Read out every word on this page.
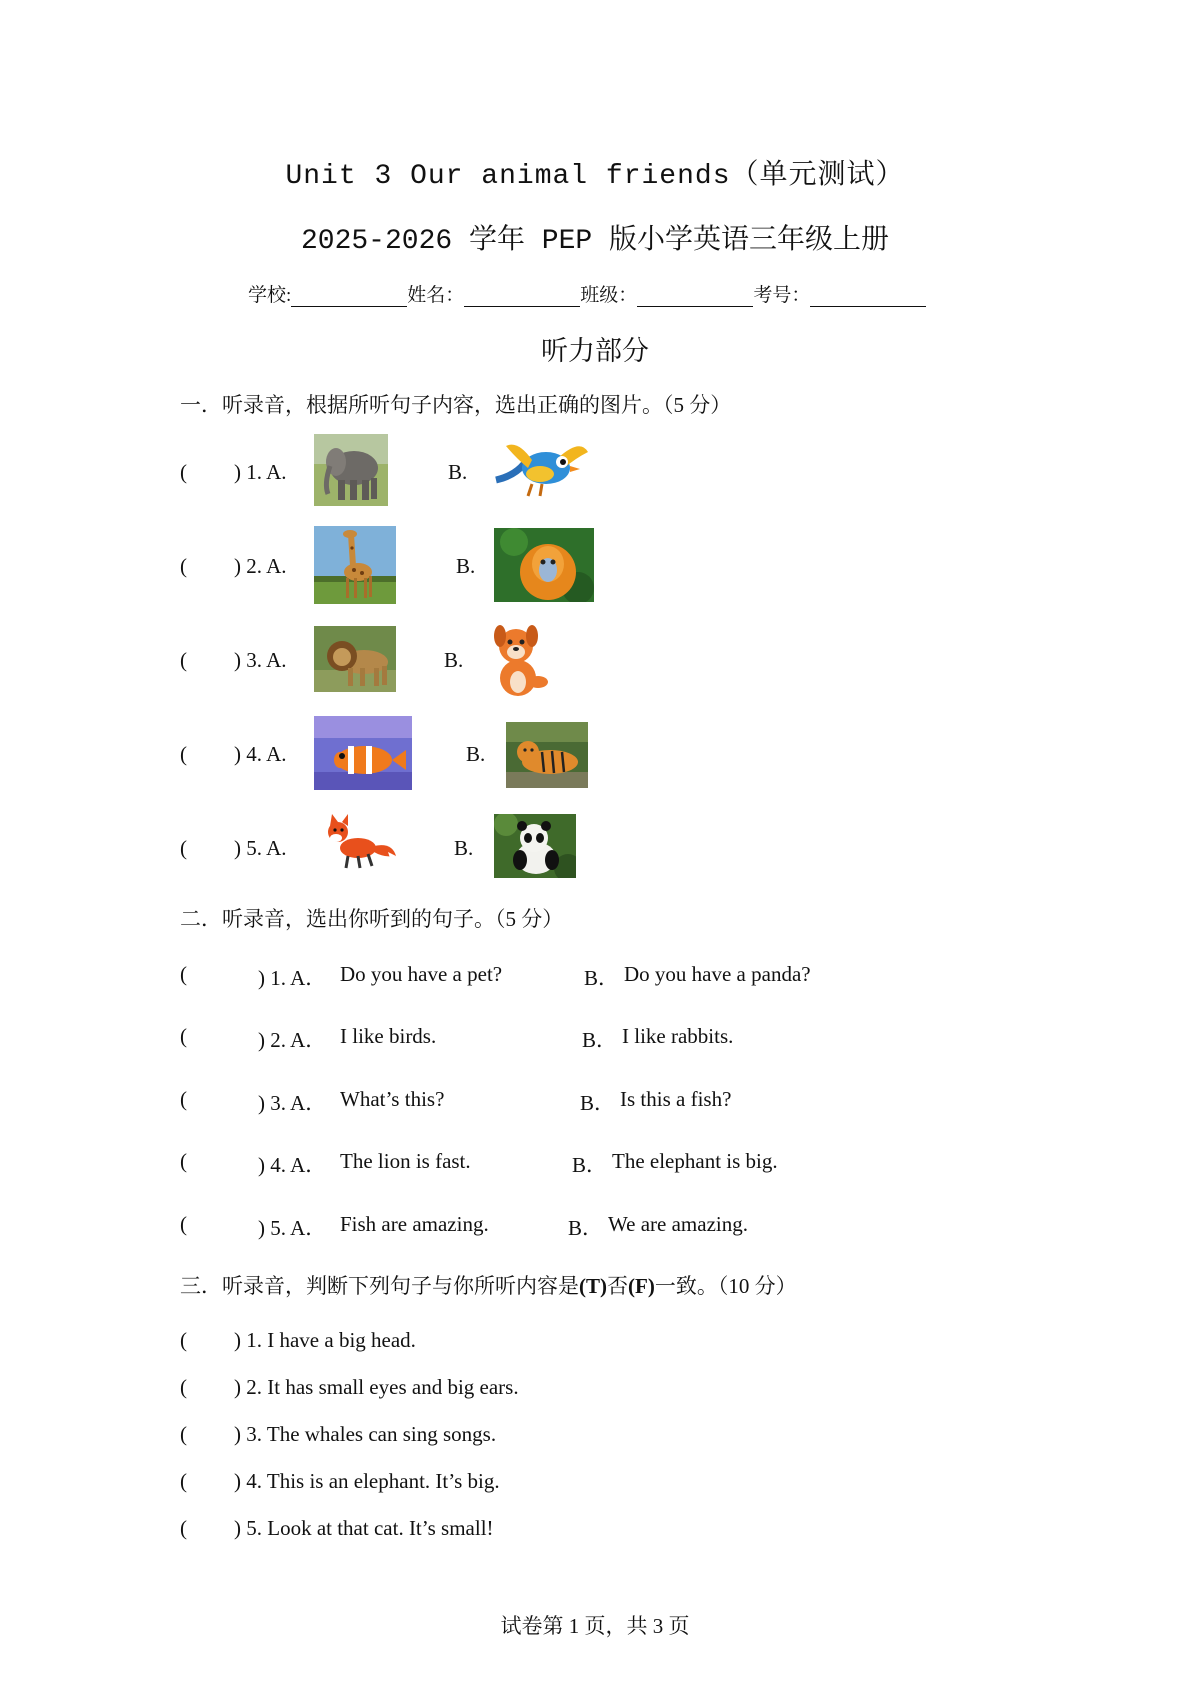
Unit 3 Our animal friends（单元测试）
2025-2026 学年 PEP 版小学英语三年级上册
学校:	姓名：	班级：	考号：
听力部分
一．听录音，根据所听句子内容，选出正确的图片。（5 分）
( ) 1. A.	B.
( ) 2. A.	B.
( ) 3. A.	B.
( ) 4. A.	B.
( ) 5. A.	B.
二．听录音，选出你听到的句子。（5 分）
(	) 1. A． Do you have a pet?	B． Do you have a panda?
(	) 2. A． I like birds.	B． I like rabbits.
(	) 3. A． What’s this?	B． Is this a fish?
(	) 4. A． The lion is fast.	B． The elephant is big.
(	) 5. A． Fish are amazing.	B． We are amazing.
三．听录音，判断下列句子与你所听内容是(T)否(F)一致。（10 分）
( ) 1. I have a big head.
( ) 2. It has small eyes and big ears.
( ) 3. The whales can sing songs.
( ) 4. This is an elephant. It’s big.
( ) 5. Look at that cat. It’s small!
试卷第 1 页，共 3 页
